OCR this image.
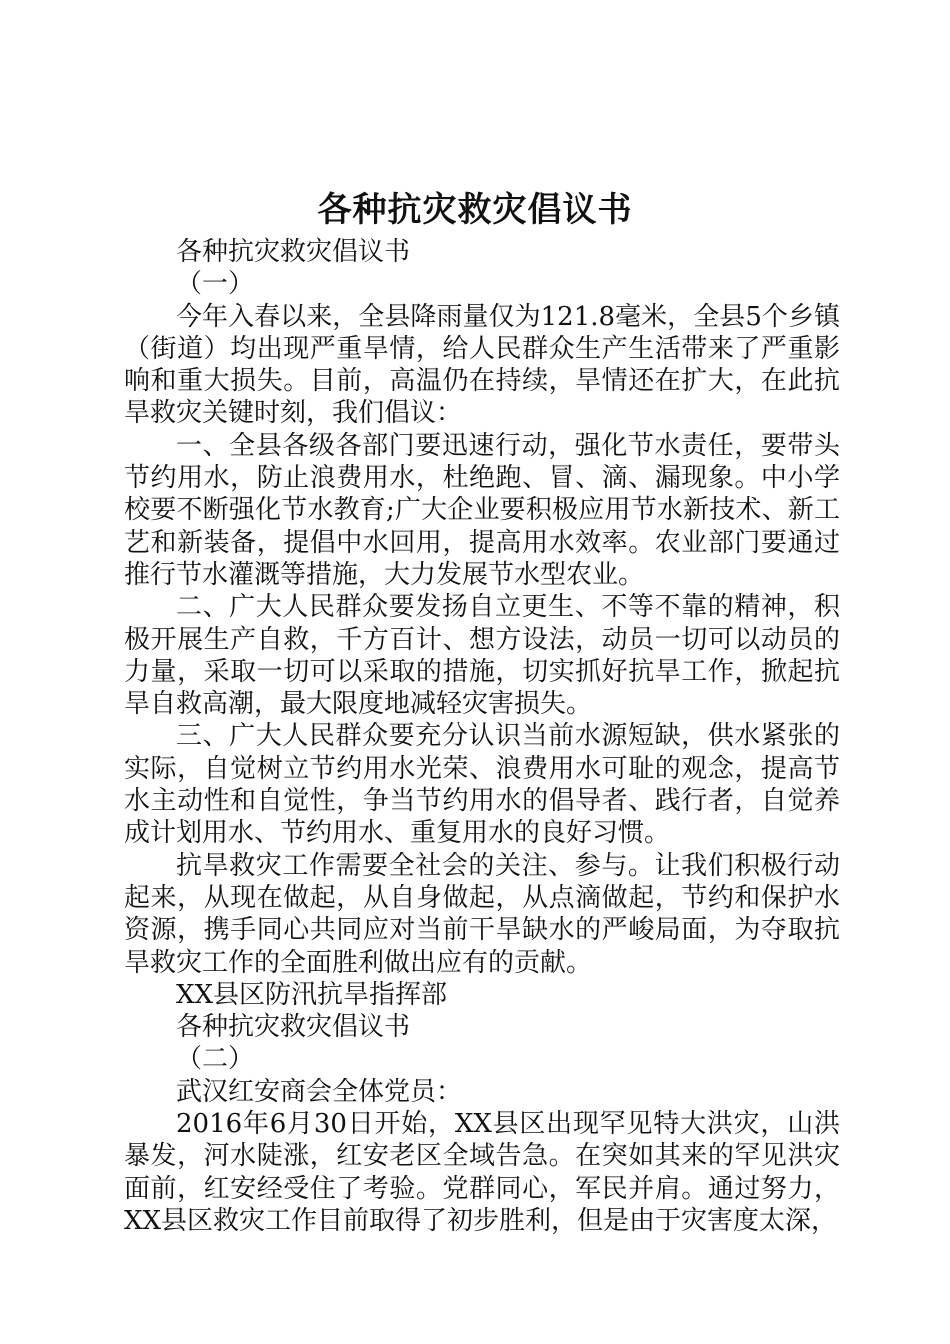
各种抗灾救灾倡议书

各种抗灾救灾倡议书

（一）

今年入春以来，全县降雨量仅为121.8毫米，全县5个乡镇（街道）均出现严重旱情，给人民群众生产生活带来了严重影响和重大损失。目前，高温仍在持续，旱情还在扩大，在此抗旱救灾关键时刻，我们倡议：

一、全县各级各部门要迅速行动，强化节水责任，要带头节约用水，防止浪费用水，杜绝跑、冒、滴、漏现象。中小学校要不断强化节水教育;广大企业要积极应用节水新技术、新工艺和新装备，提倡中水回用，提高用水效率。农业部门要通过推行节水灌溉等措施，大力发展节水型农业。

二、广大人民群众要发扬自立更生、不等不靠的精神，积极开展生产自救，千方百计、想方设法，动员一切可以动员的力量，采取一切可以采取的措施，切实抓好抗旱工作，掀起抗旱自救高潮，最大限度地减轻灾害损失。

三、广大人民群众要充分认识当前水源短缺，供水紧张的实际，自觉树立节约用水光荣、浪费用水可耻的观念，提高节水主动性和自觉性，争当节约用水的倡导者、践行者，自觉养成计划用水、节约用水、重复用水的良好习惯。

抗旱救灾工作需要全社会的关注、参与。让我们积极行动起来，从现在做起，从自身做起，从点滴做起，节约和保护水资源，携手同心共同应对当前干旱缺水的严峻局面，为夺取抗旱救灾工作的全面胜利做出应有的贡献。

XX县区防汛抗旱指挥部

各种抗灾救灾倡议书

（二）

武汉红安商会全体党员：

2016年6月30日开始，XX县区出现罕见特大洪灾，山洪暴发，河水陡涨，红安老区全域告急。在突如其来的罕见洪灾面前，红安经受住了考验。党群同心，军民并肩。通过努力，XX县区救灾工作目前取得了初步胜利，但是由于灾害度太深，
